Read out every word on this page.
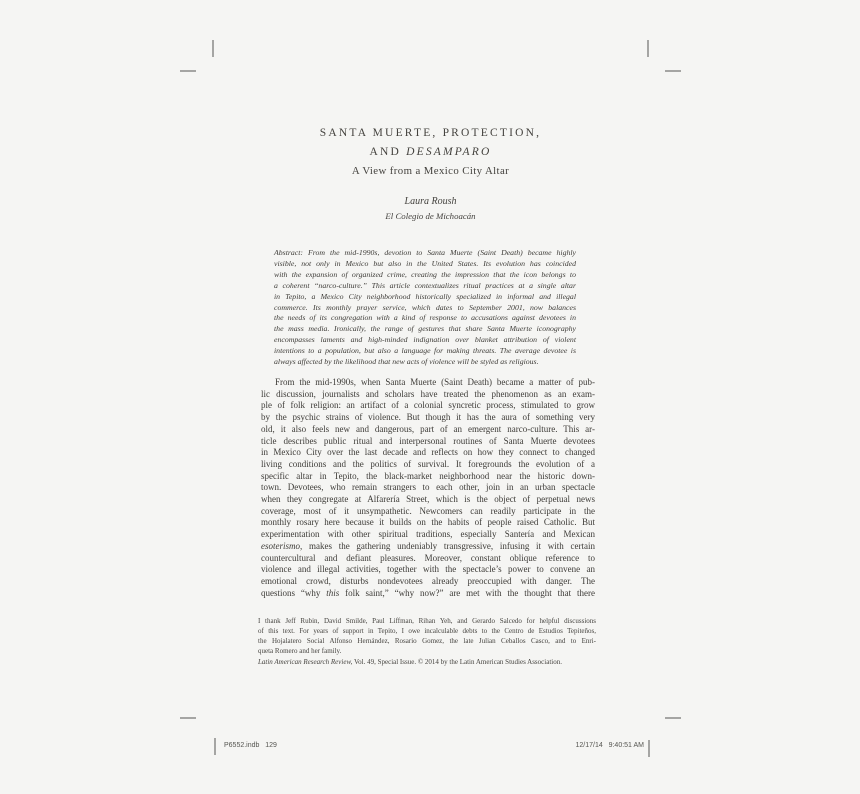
SANTA MUERTE, PROTECTION,
AND DESAMPARO
A View from a Mexico City Altar
Laura Roush
El Colegio de Michoacán
Abstract: From the mid-1990s, devotion to Santa Muerte (Saint Death) became highly
visible, not only in Mexico but also in the United States. Its evolution has coincided
with the expansion of organized crime, creating the impression that the icon belongs to
a coherent “narco-culture.” This article contextualizes ritual practices at a single altar
in Tepito, a Mexico City neighborhood historically specialized in informal and illegal
commerce. Its monthly prayer service, which dates to September 2001, now balances
the needs of its congregation with a kind of response to accusations against devotees in
the mass media. Ironically, the range of gestures that share Santa Muerte iconography
encompasses laments and high-minded indignation over blanket attribution of violent
intentions to a population, but also a language for making threats. The average devotee is
always affected by the likelihood that new acts of violence will be styled as religious.
From the mid-1990s, when Santa Muerte (Saint Death) became a matter of pub-
lic discussion, journalists and scholars have treated the phenomenon as an exam-
ple of folk religion: an artifact of a colonial syncretic process, stimulated to grow
by the psychic strains of violence. But though it has the aura of something very
old, it also feels new and dangerous, part of an emergent narco-culture. This ar-
ticle describes public ritual and interpersonal routines of Santa Muerte devotees
in Mexico City over the last decade and reflects on how they connect to changed
living conditions and the politics of survival. It foregrounds the evolution of a
specific altar in Tepito, the black-market neighborhood near the historic down-
town. Devotees, who remain strangers to each other, join in an urban spectacle
when they congregate at Alfarería Street, which is the object of perpetual news
coverage, most of it unsympathetic. Newcomers can readily participate in the
monthly rosary here because it builds on the habits of people raised Catholic. But
experimentation with other spiritual traditions, especially Santería and Mexican
esoterismo, makes the gathering undeniably transgressive, infusing it with certain
countercultural and defiant pleasures. Moreover, constant oblique reference to
violence and illegal activities, together with the spectacle’s power to convene an
emotional crowd, disturbs nondevotees already preoccupied with danger. The
questions “why this folk saint,” “why now?” are met with the thought that there
I thank Jeff Rubin, David Smilde, Paul Liffman, Rihan Yeh, and Gerardo Salcedo for helpful discussions
of this text. For years of support in Tepito, I owe incalculable debts to the Centro de Estudios Tepiteños,
the Hojalatero Social Alfonso Hernández, Rosario Gomez, the late Julian Ceballos Casco, and to Enri-
queta Romero and her family.
Latin American Research Review, Vol. 49, Special Issue. © 2014 by the Latin American Studies Association.
P6552.indb   129	12/17/14   9:40:51 AM
